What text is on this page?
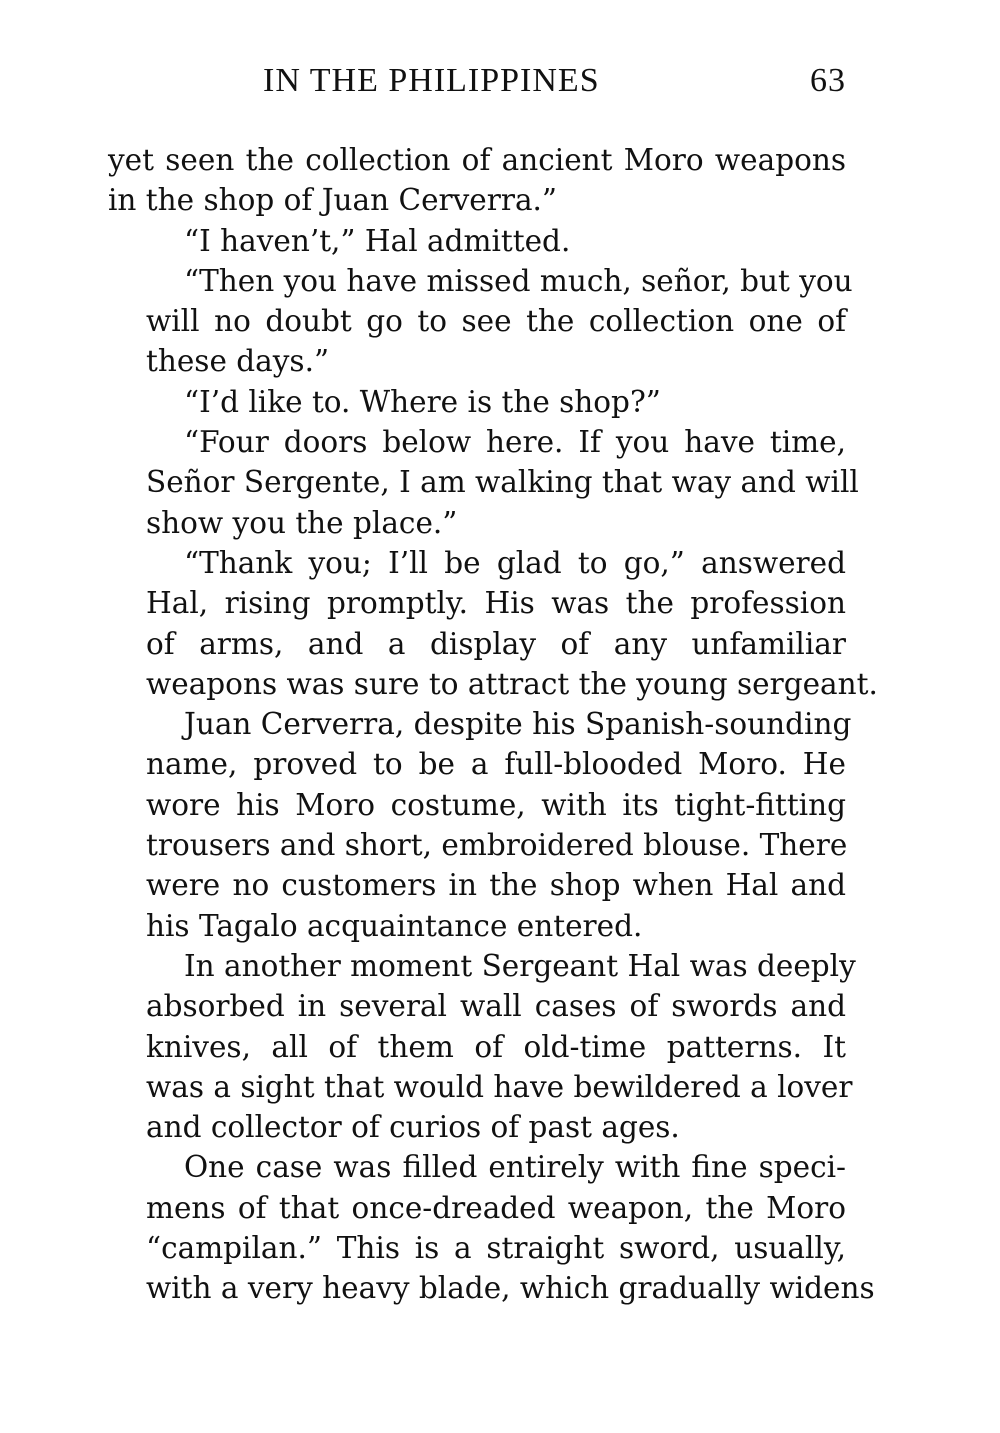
IN THE PHILIPPINES	63
yet seen the collection of ancient Moro weapons
in the shop of Juan Cerverra.”
“I haven’t,” Hal admitted.
“Then you have missed much, señor, but you
will no doubt go to see the collection one of
these days.”
“I’d like to. Where is the shop?”
“Four doors below here. If you have time,
Señor Sergente, I am walking that way and will
show you the place.”
“Thank you; I’ll be glad to go,” answered
Hal, rising promptly. His was the profession
of arms, and a display of any unfamiliar
weapons was sure to attract the young sergeant.
Juan Cerverra, despite his Spanish-sounding
name, proved to be a full-blooded Moro. He
wore his Moro costume, with its tight-fitting
trousers and short, embroidered blouse. There
were no customers in the shop when Hal and
his Tagalo acquaintance entered.
In another moment Sergeant Hal was deeply
absorbed in several wall cases of swords and
knives, all of them of old-time patterns. It
was a sight that would have bewildered a lover
and collector of curios of past ages.
One case was filled entirely with fine speci-
mens of that once-dreaded weapon, the Moro
“campilan.” This is a straight sword, usually,
with a very heavy blade, which gradually widens
